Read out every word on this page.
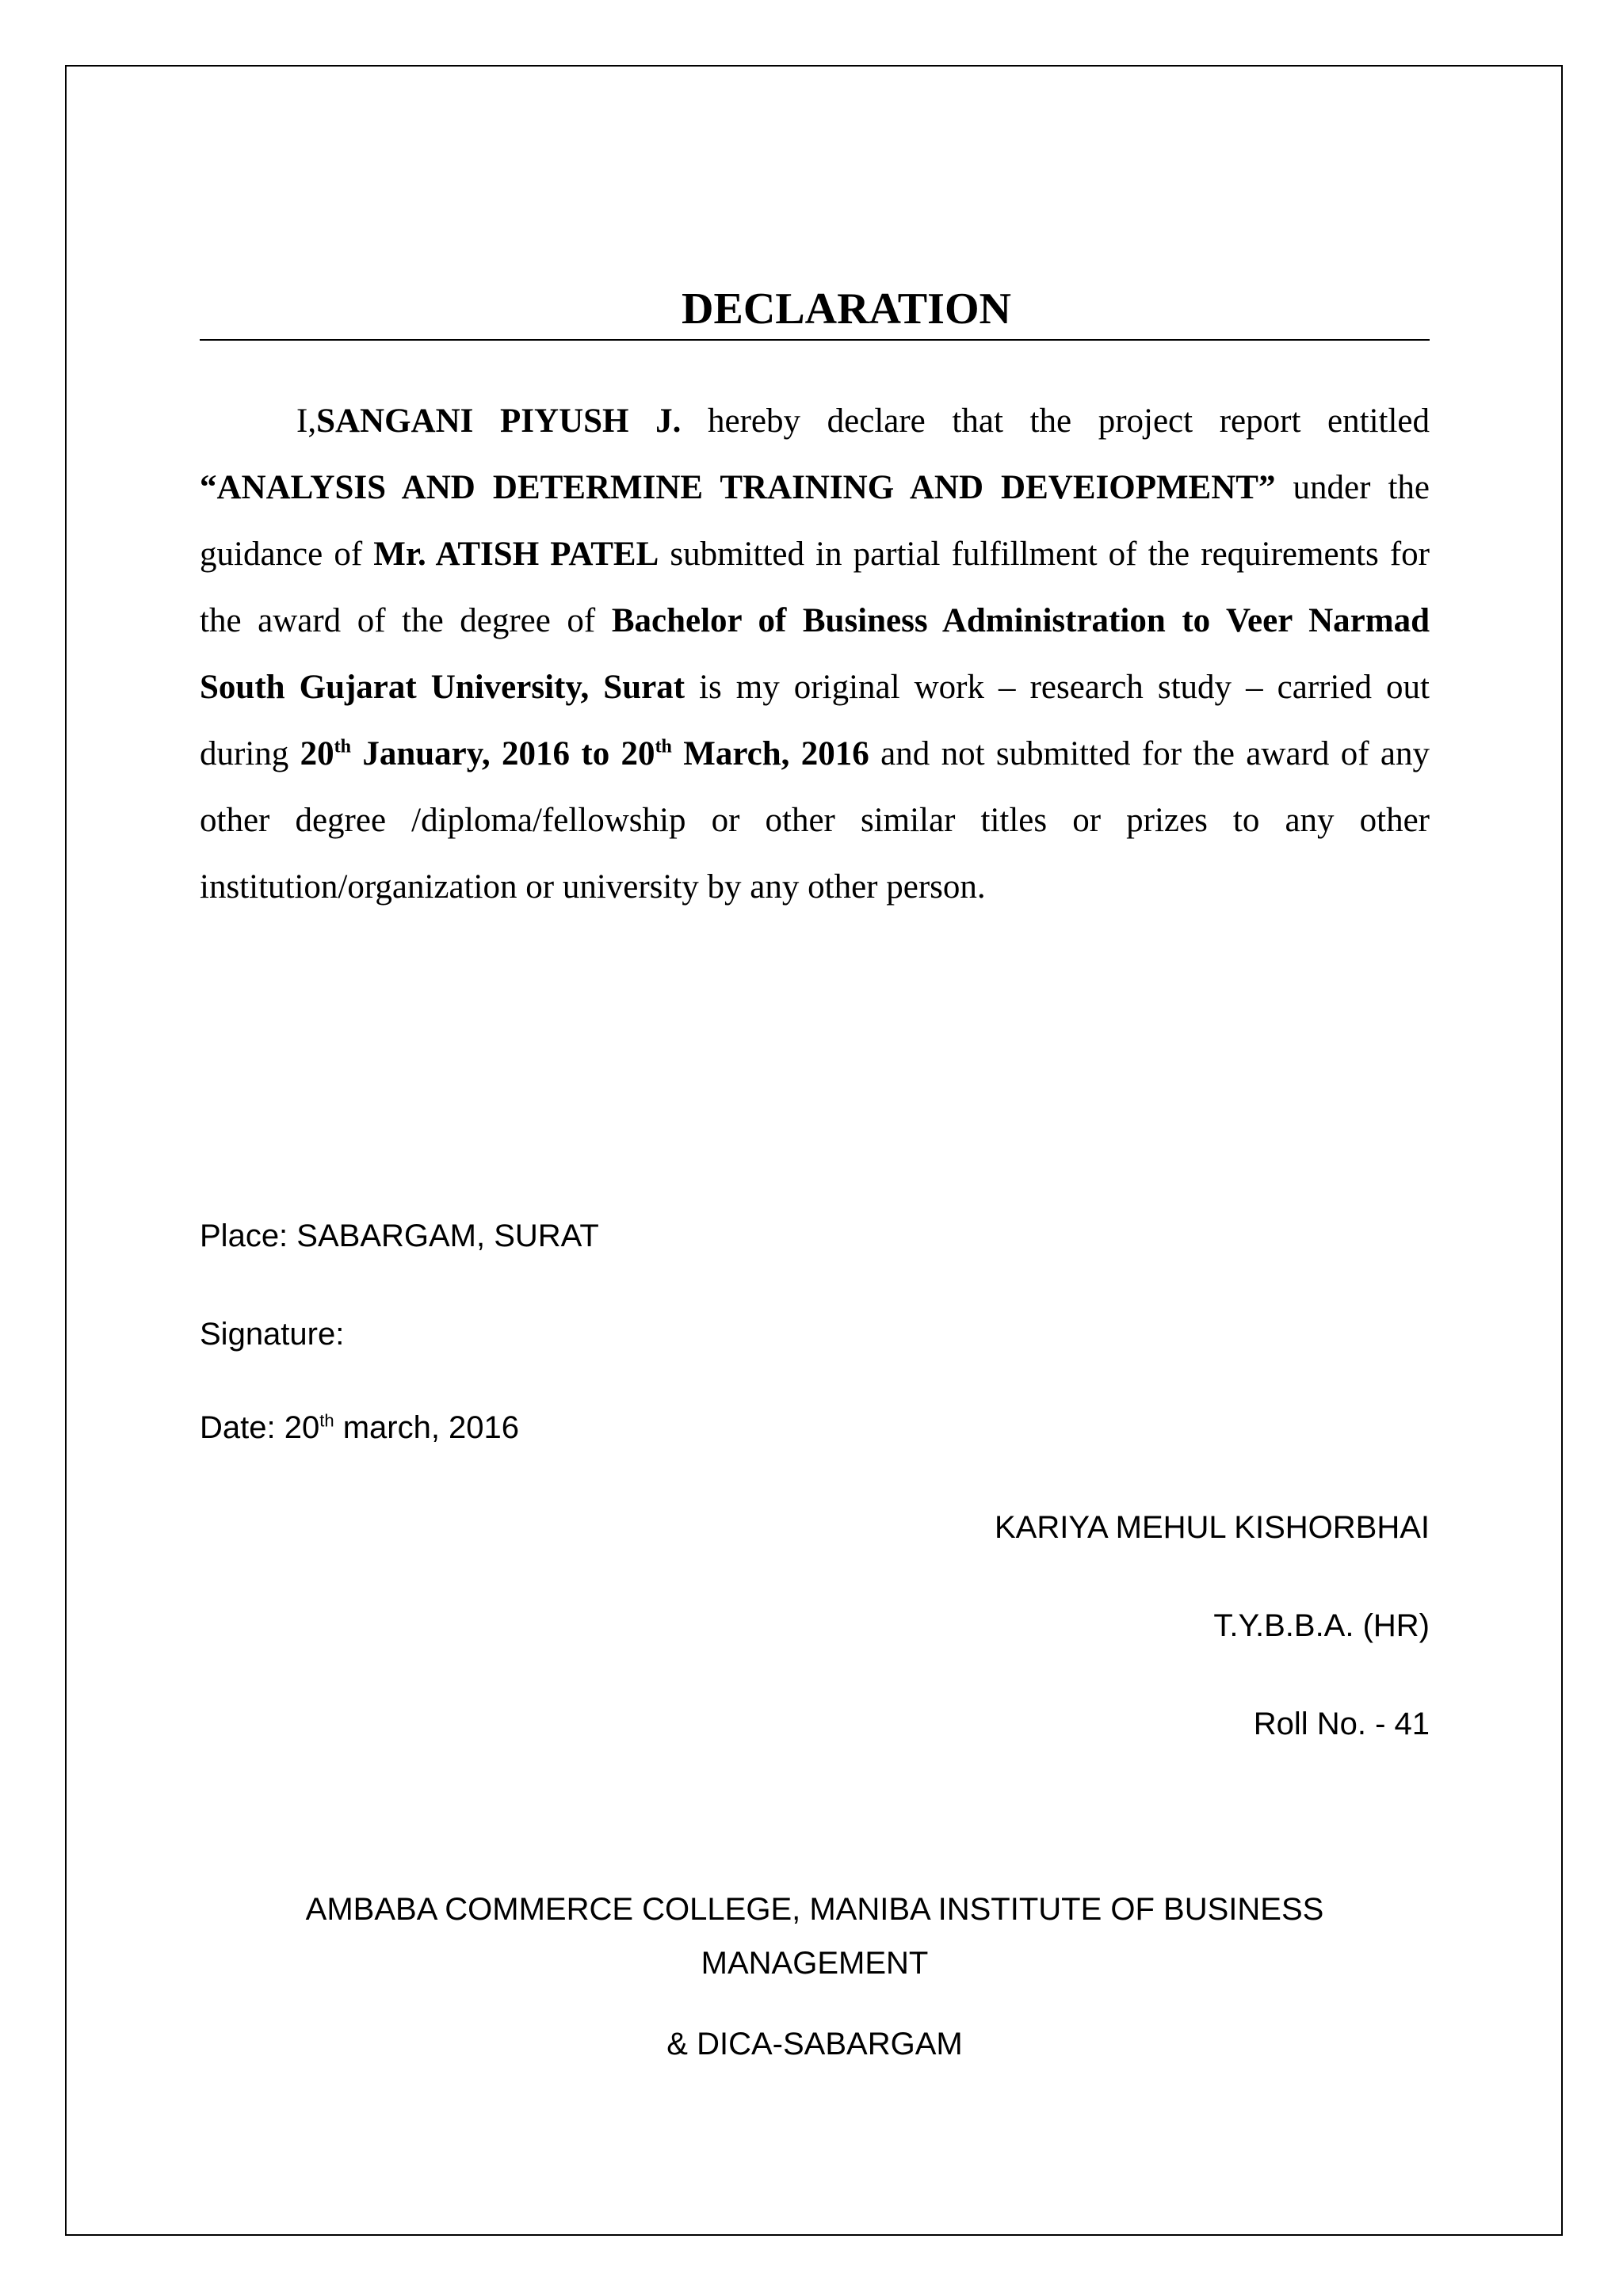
DECLARATION

I,SANGANI PIYUSH J. hereby declare that the project report entitled “ANALYSIS AND DETERMINE TRAINING AND DEVEIOPMENT” under the guidance of Mr. ATISH PATEL submitted in partial fulfillment of the requirements for the award of the degree of Bachelor of Business Administration to Veer Narmad South Gujarat University, Surat is my original work – research study – carried out during 20th January, 2016 to 20th March, 2016 and not submitted for the award of any other degree /diploma/fellowship or other similar titles or prizes to any other institution/organization or university by any other person.

Place: SABARGAM, SURAT
Signature:
Date: 20th march, 2016
KARIYA MEHUL KISHORBHAI
T.Y.B.B.A. (HR)
Roll No. - 41
AMBABA COMMERCE COLLEGE, MANIBA INSTITUTE OF BUSINESS
MANAGEMENT
& DICA-SABARGAM
